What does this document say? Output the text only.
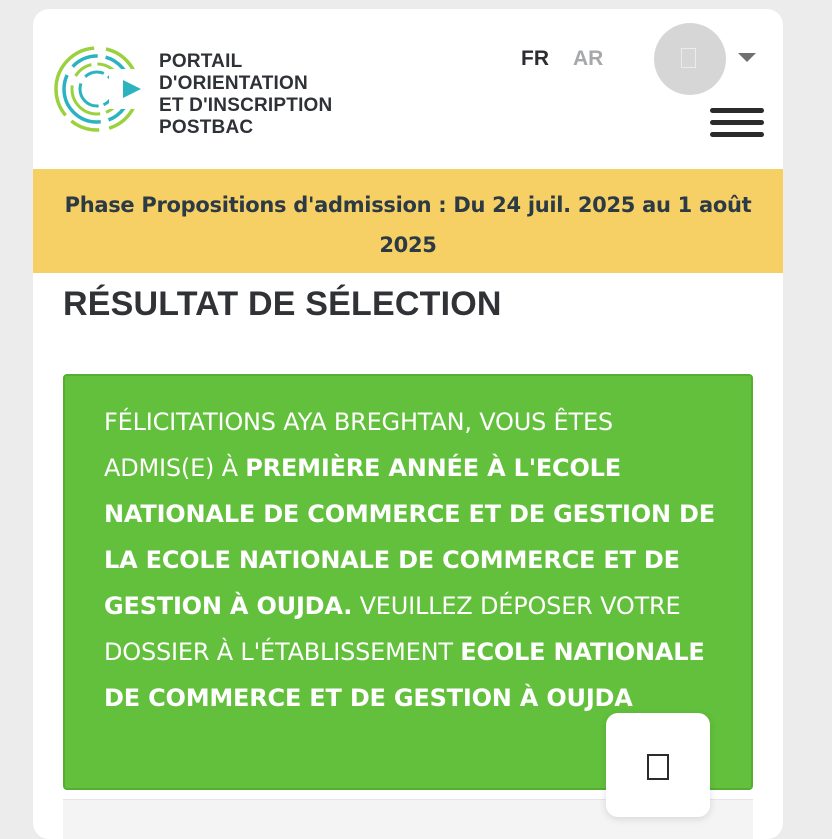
PORTAIL
D'ORIENTATION
ET D'INSCRIPTION
POSTBAC
FR AR
Phase Propositions d'admission : Du 24 juil. 2025 au 1 août 2025
RÉSULTAT DE SÉLECTION
FÉLICITATIONS AYA BREGHTAN, VOUS ÊTES ADMIS(E) À PREMIÈRE ANNÉE À L'ECOLE NATIONALE DE COMMERCE ET DE GESTION DE LA ECOLE NATIONALE DE COMMERCE ET DE GESTION À OUJDA. VEUILLEZ DÉPOSER VOTRE DOSSIER À L'ÉTABLISSEMENT ECOLE NATIONALE DE COMMERCE ET DE GESTION À OUJDA
